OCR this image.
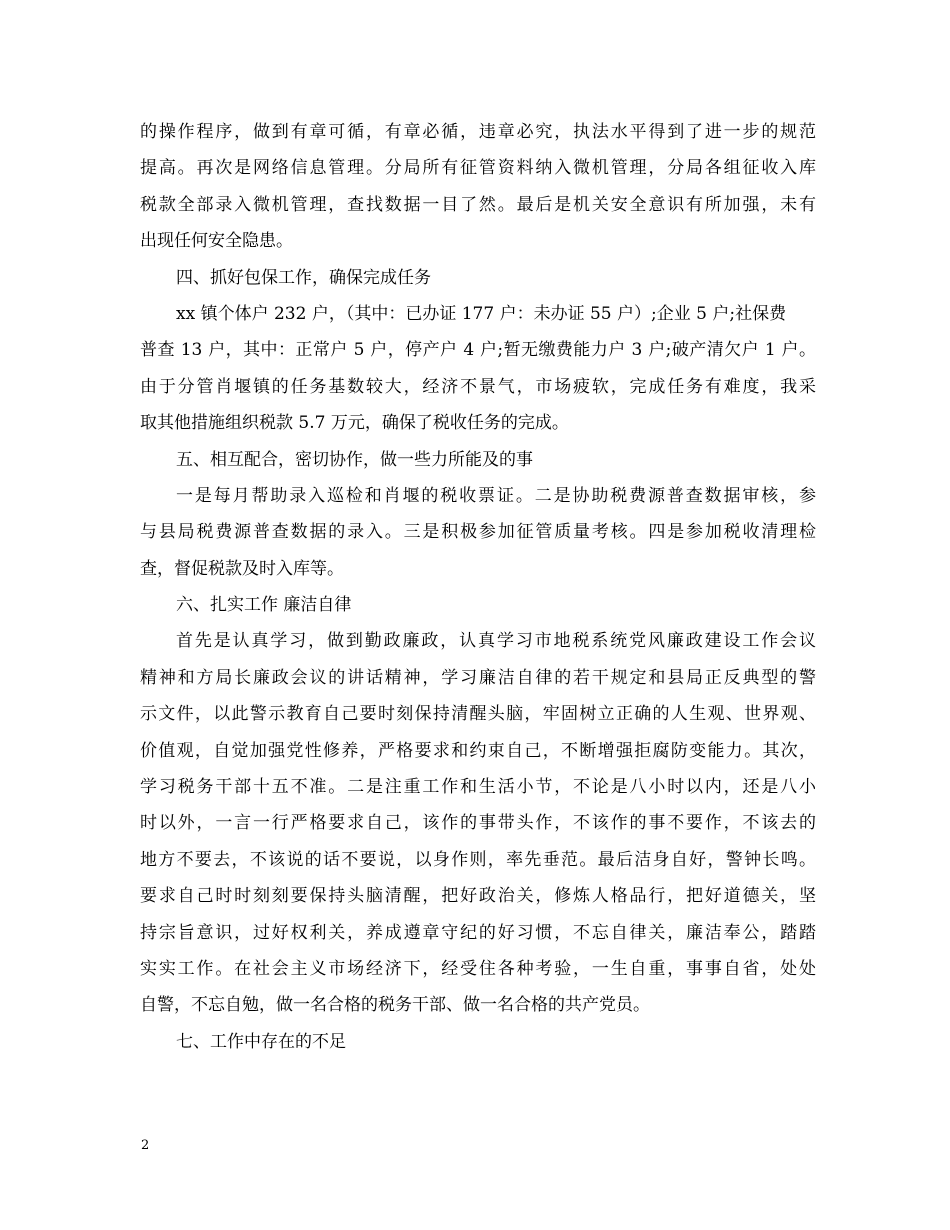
的操作程序，做到有章可循，有章必循，违章必究，执法水平得到了进一步的规范
提高。再次是网络信息管理。分局所有征管资料纳入微机管理，分局各组征收入库
税款全部录入微机管理，查找数据一目了然。最后是机关安全意识有所加强，未有
出现任何安全隐患。
四、抓好包保工作，确保完成任务
xx 镇个体户 232 户，（其中：已办证 177 户：未办证 55 户）;企业 5 户;社保费
普查 13 户，其中：正常户 5 户，停产户 4 户;暂无缴费能力户 3 户;破产清欠户 1 户。
由于分管肖堰镇的任务基数较大，经济不景气，市场疲软，完成任务有难度，我采
取其他措施组织税款 5.7 万元，确保了税收任务的完成。
五、相互配合，密切协作，做一些力所能及的事
一是每月帮助录入巡检和肖堰的税收票证。二是协助税费源普查数据审核，参
与县局税费源普查数据的录入。三是积极参加征管质量考核。四是参加税收清理检
查，督促税款及时入库等。
六、扎实工作 廉洁自律
首先是认真学习，做到勤政廉政，认真学习市地税系统党风廉政建设工作会议
精神和方局长廉政会议的讲话精神，学习廉洁自律的若干规定和县局正反典型的警
示文件，以此警示教育自己要时刻保持清醒头脑，牢固树立正确的人生观、世界观、
价值观，自觉加强党性修养，严格要求和约束自己，不断增强拒腐防变能力。其次，
学习税务干部十五不准。二是注重工作和生活小节，不论是八小时以内，还是八小
时以外，一言一行严格要求自己，该作的事带头作，不该作的事不要作，不该去的
地方不要去，不该说的话不要说，以身作则，率先垂范。最后洁身自好，警钟长鸣。
要求自己时时刻刻要保持头脑清醒，把好政治关，修炼人格品行，把好道德关，坚
持宗旨意识，过好权利关，养成遵章守纪的好习惯，不忘自律关，廉洁奉公，踏踏
实实工作。在社会主义市场经济下，经受住各种考验，一生自重，事事自省，处处
自警，不忘自勉，做一名合格的税务干部、做一名合格的共产党员。
七、工作中存在的不足
2
